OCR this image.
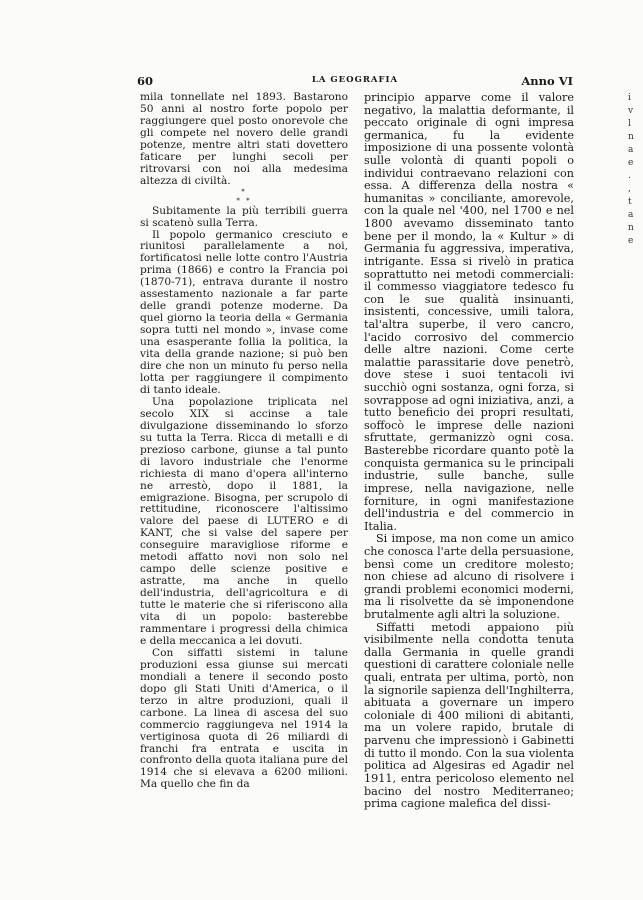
60	LA GEOGRAFIA	Anno VI

mila tonnellate nel 1893. Bastarono 50 anni al nostro forte popolo per raggiungere quel posto onorevole che gli compete nel novero delle grandi potenze, mentre altri stati dovettero faticare per lunghi secoli per ritrovarsi con noi alla medesima altezza di civiltà.

*
* *

Subitamente la più terribili guerra si scatenò sulla Terra.

Il popolo germanico cresciuto e riunitosi parallelamente a noi, fortificatosi nelle lotte contro l'Austria prima (1866) e contro la Francia poi (1870-71), entrava durante il nostro assestamento nazionale a far parte delle grandi potenze moderne. Da quel giorno la teoria della « Germania sopra tutti nel mondo », invase come una esasperante follia la politica, la vita della grande nazione; si può ben dire che non un minuto fu perso nella lotta per raggiungere il compimento di tanto ideale.

Una popolazione triplicata nel secolo XIX si accinse a tale divulgazione disseminando lo sforzo su tutta la Terra. Ricca di metalli e di prezioso carbone, giunse a tal punto di lavoro industriale che l'enorme richiesta di mano d'opera all'interno ne arrestò, dopo il 1881, la emigrazione. Bisogna, per scrupolo di rettitudine, riconoscere l'altissimo valore del paese di LUTERO e di KANT, che si valse del sapere per conseguire maravigliose riforme e metodi affatto novi non solo nel campo delle scienze positive e astratte, ma anche in quello dell'industria, dell'agricoltura e di tutte le materie che si riferiscono alla vita di un popolo: basterebbe rammentare i progressi della chimica e della meccanica a lei dovuti.

Con siffatti sistemi in talune produzioni essa giunse sui mercati mondiali a tenere il secondo posto dopo gli Stati Uniti d'America, o il terzo in altre produzioni, quali il carbone. La linea di ascesa del suo commercio raggiungeva nel 1914 la vertiginosa quota di 26 miliardi di franchi fra entrata e uscita in confronto della quota italiana pure del 1914 che si elevava a 6200 milioni. Ma quello che fin da

principio apparve come il valore negativo, la malattia deformante, il peccato originale di ogni impresa germanica, fu la evidente imposizione di una possente volontà sulle volontà di quanti popoli o individui contraevano relazioni con essa. A differenza della nostra « humanitas » conciliante, amorevole, con la quale nel '400, nel 1700 e nel 1800 avevamo disseminato tanto bene per il mondo, la « Kultur » di Germania fu aggressiva, imperativa, intrigante. Essa si rivelò in pratica soprattutto nei metodi commerciali: il commesso viaggiatore tedesco fu con le sue qualità insinuanti, insistenti, concessive, umili talora, tal'altra superbe, il vero cancro, l'acido corrosivo del commercio delle altre nazioni. Come certe malattie parassitarie dove penetrò, dove stese i suoi tentacoli ivi succhiò ogni sostanza, ogni forza, si sovrappose ad ogni iniziativa, anzi, a tutto beneficio dei propri resultati, soffocò le imprese delle nazioni sfruttate, germanizzò ogni cosa. Basterebbe ricordare quanto potè la conquista germanica su le principali industrie, sulle banche, sulle imprese, nella navigazione, nelle forniture, in ogni manifestazione dell'industria e del commercio in Italia.

Si impose, ma non come un amico che conosca l'arte della persuasione, bensì come un creditore molesto; non chiese ad alcuno di risolvere i grandi problemi economici moderni, ma li risolvette da sè imponendone brutalmente agli altri la soluzione.

Siffatti metodi appaiono più visibilmente nella condotta tenuta dalla Germania in quelle grandi questioni di carattere coloniale nelle quali, entrata per ultima, portò, non la signorile sapienza dell'Inghilterra, abituata a governare un impero coloniale di 400 milioni di abitanti, ma un volere rapido, brutale di parvenu che impressionò i Gabinetti di tutto il mondo. Con la sua violenta politica ad Algesiras ed Agadir nel 1911, entra pericoloso elemento nel bacino del nostro Mediterraneo; prima cagione malefica del dissi-

i
v
l
n
a
e
.
,
t
a
n
e
